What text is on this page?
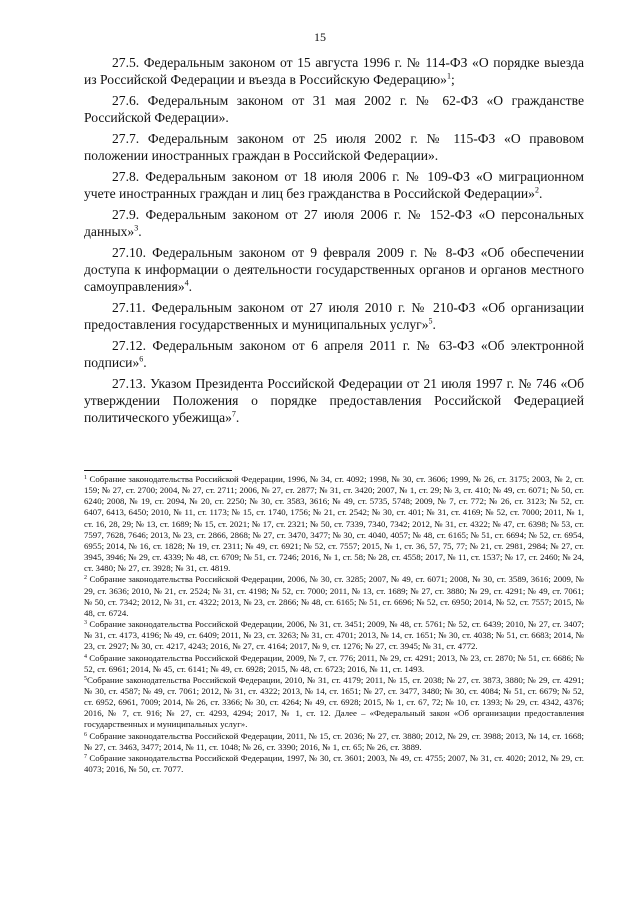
15

27.5. Федеральным законом от 15 августа 1996 г. № 114-ФЗ «О порядке выезда из Российской Федерации и въезда в Российскую Федерацию»$^1$;

27.6. Федеральным законом от 31 мая 2002 г. № 62-ФЗ «О гражданстве Российской Федерации».

27.7. Федеральным законом от 25 июля 2002 г. № 115-ФЗ «О правовом положении иностранных граждан в Российской Федерации».

27.8. Федеральным законом от 18 июля 2006 г. № 109-ФЗ «О миграционном учете иностранных граждан и лиц без гражданства в Российской Федерации»$^2$.

27.9. Федеральным законом от 27 июля 2006 г. № 152-ФЗ «О персональных данных»$^3$.

27.10. Федеральным законом от 9 февраля 2009 г. № 8-ФЗ «Об обеспечении доступа к информации о деятельности государственных органов и органов местного самоуправления»$^4$.

27.11. Федеральным законом от 27 июля 2010 г. № 210-ФЗ «Об организации предоставления государственных и муниципальных услуг»$^5$.

27.12. Федеральным законом от 6 апреля 2011 г. № 63-ФЗ «Об электронной подписи»$^6$.

27.13. Указом Президента Российской Федерации от 21 июля 1997 г. № 746 «Об утверждении Положения о порядке предоставления Российской Федерацией политического убежища»$^7$.

$^1$ Собрание законодательства Российской Федерации, 1996, № 34, ст. 4092; 1998, № 30, ст. 3606; 1999, № 26, ст. 3175; 2003, № 2, ст. 159; № 27, ст. 2700; 2004, № 27, ст. 2711; 2006, № 27, ст. 2877; № 31, ст. 3420; 2007, № 1, ст. 29; № 3, ст. 410; № 49, ст. 6071; № 50, ст. 6240; 2008, № 19, ст. 2094, № 20, ст. 2250; № 30, ст. 3583, 3616; № 49, ст. 5735, 5748; 2009, № 7, ст. 772; № 26, ст. 3123; № 52, ст. 6407, 6413, 6450; 2010, № 11, ст. 1173; № 15, ст. 1740, 1756; № 21, ст. 2542; № 30, ст. 401; № 31, ст. 4169; № 52, ст. 7000; 2011, № 1, ст. 16, 28, 29; № 13, ст. 1689; № 15, ст. 2021; № 17, ст. 2321; № 50, ст. 7339, 7340, 7342; 2012, № 31, ст. 4322; № 47, ст. 6398; № 53, ст. 7597, 7628, 7646; 2013, № 23, ст. 2866, 2868; № 27, ст. 3470, 3477; № 30, ст. 4040, 4057; № 48, ст. 6165; № 51, ст. 6694; № 52, ст. 6954, 6955; 2014, № 16, ст. 1828; № 19, ст. 2311; № 49, ст. 6921; № 52, ст. 7557; 2015, № 1, ст. 36, 57, 75, 77; № 21, ст. 2981, 2984; № 27, ст. 3945, 3946; № 29, ст. 4339; № 48, ст. 6709; № 51, ст. 7246; 2016, № 1, ст. 58; № 28, ст. 4558; 2017, № 11, ст. 1537; № 17, ст. 2460; № 24, ст. 3480; № 27, ст. 3928; № 31, ст. 4819.

$^2$ Собрание законодательства Российской Федерации, 2006, № 30, ст. 3285; 2007, № 49, ст. 6071; 2008, № 30, ст. 3589, 3616; 2009, № 29, ст. 3636; 2010, № 21, ст. 2524; № 31, ст. 4198; № 52, ст. 7000; 2011, № 13, ст. 1689; № 27, ст. 3880; № 29, ст. 4291; № 49, ст. 7061; № 50, ст. 7342; 2012, № 31, ст. 4322; 2013, № 23, ст. 2866; № 48, ст. 6165; № 51, ст. 6696; № 52, ст. 6950; 2014, № 52, ст. 7557; 2015, № 48, ст. 6724.

$^3$ Собрание законодательства Российской Федерации, 2006, № 31, ст. 3451; 2009, № 48, ст. 5761; № 52, ст. 6439; 2010, № 27, ст. 3407; № 31, ст. 4173, 4196; № 49, ст. 6409; 2011, № 23, ст. 3263; № 31, ст. 4701; 2013, № 14, ст. 1651; № 30, ст. 4038; № 51, ст. 6683; 2014, № 23, ст. 2927; № 30, ст. 4217, 4243; 2016, № 27, ст. 4164; 2017, № 9, ст. 1276; № 27, ст. 3945; № 31, ст. 4772.

$^4$ Собрание законодательства Российской Федерации, 2009, № 7, ст. 776; 2011, № 29, ст. 4291; 2013, № 23, ст. 2870; № 51, ст. 6686; № 52, ст. 6961; 2014, № 45, ст. 6141; № 49, ст. 6928; 2015, № 48, ст. 6723; 2016, № 11, ст. 1493.

$^5$Собрание законодательства Российской Федерации, 2010, № 31, ст. 4179; 2011, № 15, ст. 2038; № 27, ст. 3873, 3880; № 29, ст. 4291; № 30, ст. 4587; № 49, ст. 7061; 2012, № 31, ст. 4322; 2013, № 14, ст. 1651; № 27, ст. 3477, 3480; № 30, ст. 4084; № 51, ст. 6679; № 52, ст. 6952, 6961, 7009; 2014, № 26, ст. 3366; № 30, ст. 4264; № 49, ст. 6928; 2015, № 1, ст. 67, 72; № 10, ст. 1393; № 29, ст. 4342, 4376; 2016, № 7, ст. 916; № 27, ст. 4293, 4294; 2017, № 1, ст. 12. Далее – «Федеральный закон «Об организации предоставления государственных и муниципальных услуг».

$^6$ Собрание законодательства Российской Федерации, 2011, № 15, ст. 2036; № 27, ст. 3880; 2012, № 29, ст. 3988; 2013, № 14, ст. 1668; № 27, ст. 3463, 3477; 2014, № 11, ст. 1048; № 26, ст. 3390; 2016, № 1, ст. 65; № 26, ст. 3889.

$^7$ Собрание законодательства Российской Федерации, 1997, № 30, ст. 3601; 2003, № 49, ст. 4755; 2007, № 31, ст. 4020; 2012, № 29, ст. 4073; 2016, № 50, ст. 7077.
